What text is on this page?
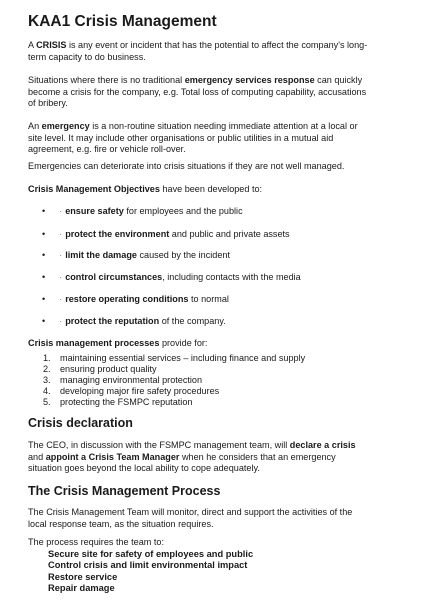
KAA1 Crisis Management
A CRISIS is any event or incident that has the potential to affect the company's long-
term capacity to do business.
Situations where there is no traditional emergency services response can quickly
become a crisis for the company, e.g. Total loss of computing capability, accusations
of bribery.
An emergency is a non-routine situation needing immediate attention at a local or
site level. It may include other organisations or public utilities in a mutual aid
agreement, e.g. fire or vehicle roll-over.
Emergencies can deteriorate into crisis situations if they are not well managed.
Crisis Management Objectives have been developed to:
• · ensure safety for employees and the public
• · protect the environment and public and private assets
• · limit the damage caused by the incident
• · control circumstances, including contacts with the media
• · restore operating conditions to normal
• · protect the reputation of the company.
Crisis management processes provide for:
1. maintaining essential services – including finance and supply
2. ensuring product quality
3. managing environmental protection
4. developing major fire safety procedures
5. protecting the FSMPC reputation
Crisis declaration
The CEO, in discussion with the FSMPC management team, will declare a crisis
and appoint a Crisis Team Manager when he considers that an emergency
situation goes beyond the local ability to cope adequately.
The Crisis Management Process
The Crisis Management Team will monitor, direct and support the activities of the
local response team, as the situation requires.
The process requires the team to:
Secure site for safety of employees and public
Control crisis and limit environmental impact
Restore service
Repair damage
